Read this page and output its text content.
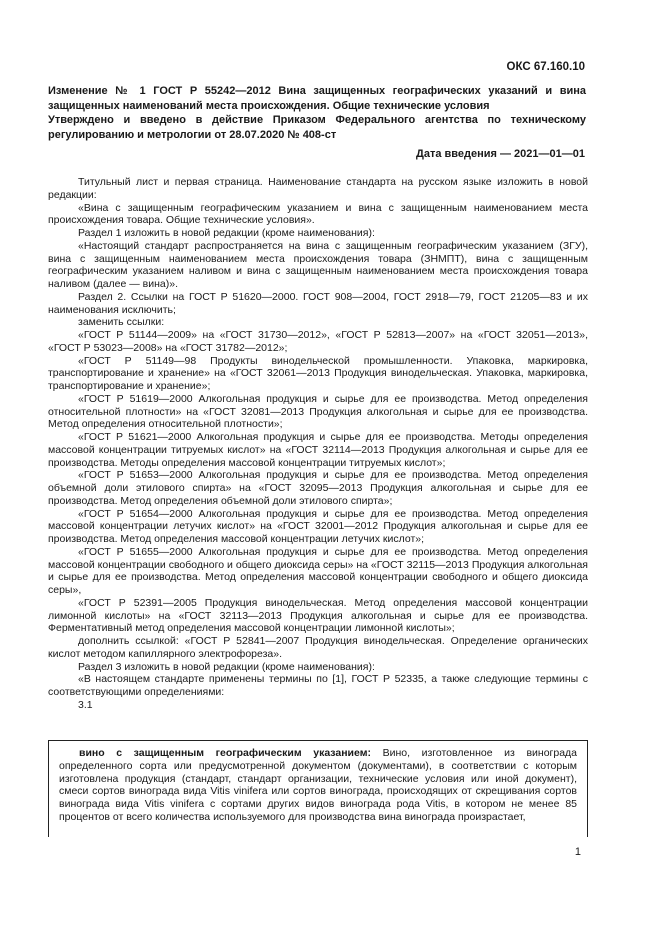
ОКС 67.160.10
Изменение № 1 ГОСТ Р 55242—2012 Вина защищенных географических указаний и вина защищенных наименований места происхождения. Общие технические условия
Утверждено и введено в действие Приказом Федерального агентства по техническому регулированию и метрологии от 28.07.2020 № 408-ст
Дата введения — 2021—01—01

Титульный лист и первая страница. Наименование стандарта на русском языке изложить в новой редакции:

«Вина с защищенным географическим указанием и вина с защищенным наименованием места происхождения товара. Общие технические условия».

Раздел 1 изложить в новой редакции (кроме наименования):

«Настоящий стандарт распространяется на вина с защищенным географическим указанием (ЗГУ), вина с защищенным наименованием места происхождения товара (ЗНМПТ), вина с защищенным географическим указанием наливом и вина с защищенным наименованием места происхождения товара наливом (далее — вина)».

Раздел 2. Ссылки на ГОСТ Р 51620—2000. ГОСТ 908—2004, ГОСТ 2918—79, ГОСТ 21205—83 и их наименования исключить;

заменить ссылки:

«ГОСТ Р 51144—2009» на «ГОСТ 31730—2012», «ГОСТ Р 52813—2007» на «ГОСТ 32051—2013», «ГОСТ Р 53023—2008» на «ГОСТ 31782—2012»;

«ГОСТ Р 51149—98 Продукты винодельческой промышленности. Упаковка, маркировка, транспортирование и хранение» на «ГОСТ 32061—2013 Продукция винодельческая. Упаковка, маркировка, транспортирование и хранение»;

«ГОСТ Р 51619—2000 Алкогольная продукция и сырье для ее производства. Метод определения относительной плотности» на «ГОСТ 32081—2013 Продукция алкогольная и сырье для ее производства. Метод определения относительной плотности»;

«ГОСТ Р 51621—2000 Алкогольная продукция и сырье для ее производства. Методы определения массовой концентрации титруемых кислот» на «ГОСТ 32114—2013 Продукция алкогольная и сырье для ее производства. Методы определения массовой концентрации титруемых кислот»;

«ГОСТ Р 51653—2000 Алкогольная продукция и сырье для ее производства. Метод определения объемной доли этилового спирта» на «ГОСТ 32095—2013 Продукция алкогольная и сырье для ее производства. Метод определения объемной доли этилового спирта»;

«ГОСТ Р 51654—2000 Алкогольная продукция и сырье для ее производства. Метод определения массовой концентрации летучих кислот» на «ГОСТ 32001—2012 Продукция алкогольная и сырье для ее производства. Метод определения массовой концентрации летучих кислот»;

«ГОСТ Р 51655—2000 Алкогольная продукция и сырье для ее производства. Метод определения массовой концентрации свободного и общего диоксида серы» на «ГОСТ 32115—2013 Продукция алкогольная и сырье для ее производства. Метод определения массовой концентрации свободного и общего диоксида серы»,

«ГОСТ Р 52391—2005 Продукция винодельческая. Метод определения массовой концентрации лимонной кислоты» на «ГОСТ 32113—2013 Продукция алкогольная и сырье для ее производства. Ферментативный метод определения массовой концентрации лимонной кислоты»;

дополнить ссылкой: «ГОСТ Р 52841—2007 Продукция винодельческая. Определение органических кислот методом капиллярного электрофореза».

Раздел 3 изложить в новой редакции (кроме наименования):

«В настоящем стандарте применены термины по [1], ГОСТ Р 52335, а также следующие термины с соответствующими определениями:

3.1

вино с защищенным географическим указанием: Вино, изготовленное из винограда определенного сорта или предусмотренной документом (документами), в соответствии с которым изготовлена продукция (стандарт, стандарт организации, технические условия или иной документ), смеси сортов винограда вида Vitis vinifera или сортов винограда, происходящих от скрещивания сортов винограда вида Vitis vinifera с сортами других видов винограда рода Vitis, в котором не менее 85 процентов от всего количества используемого для производства вина винограда произрастает,

1
